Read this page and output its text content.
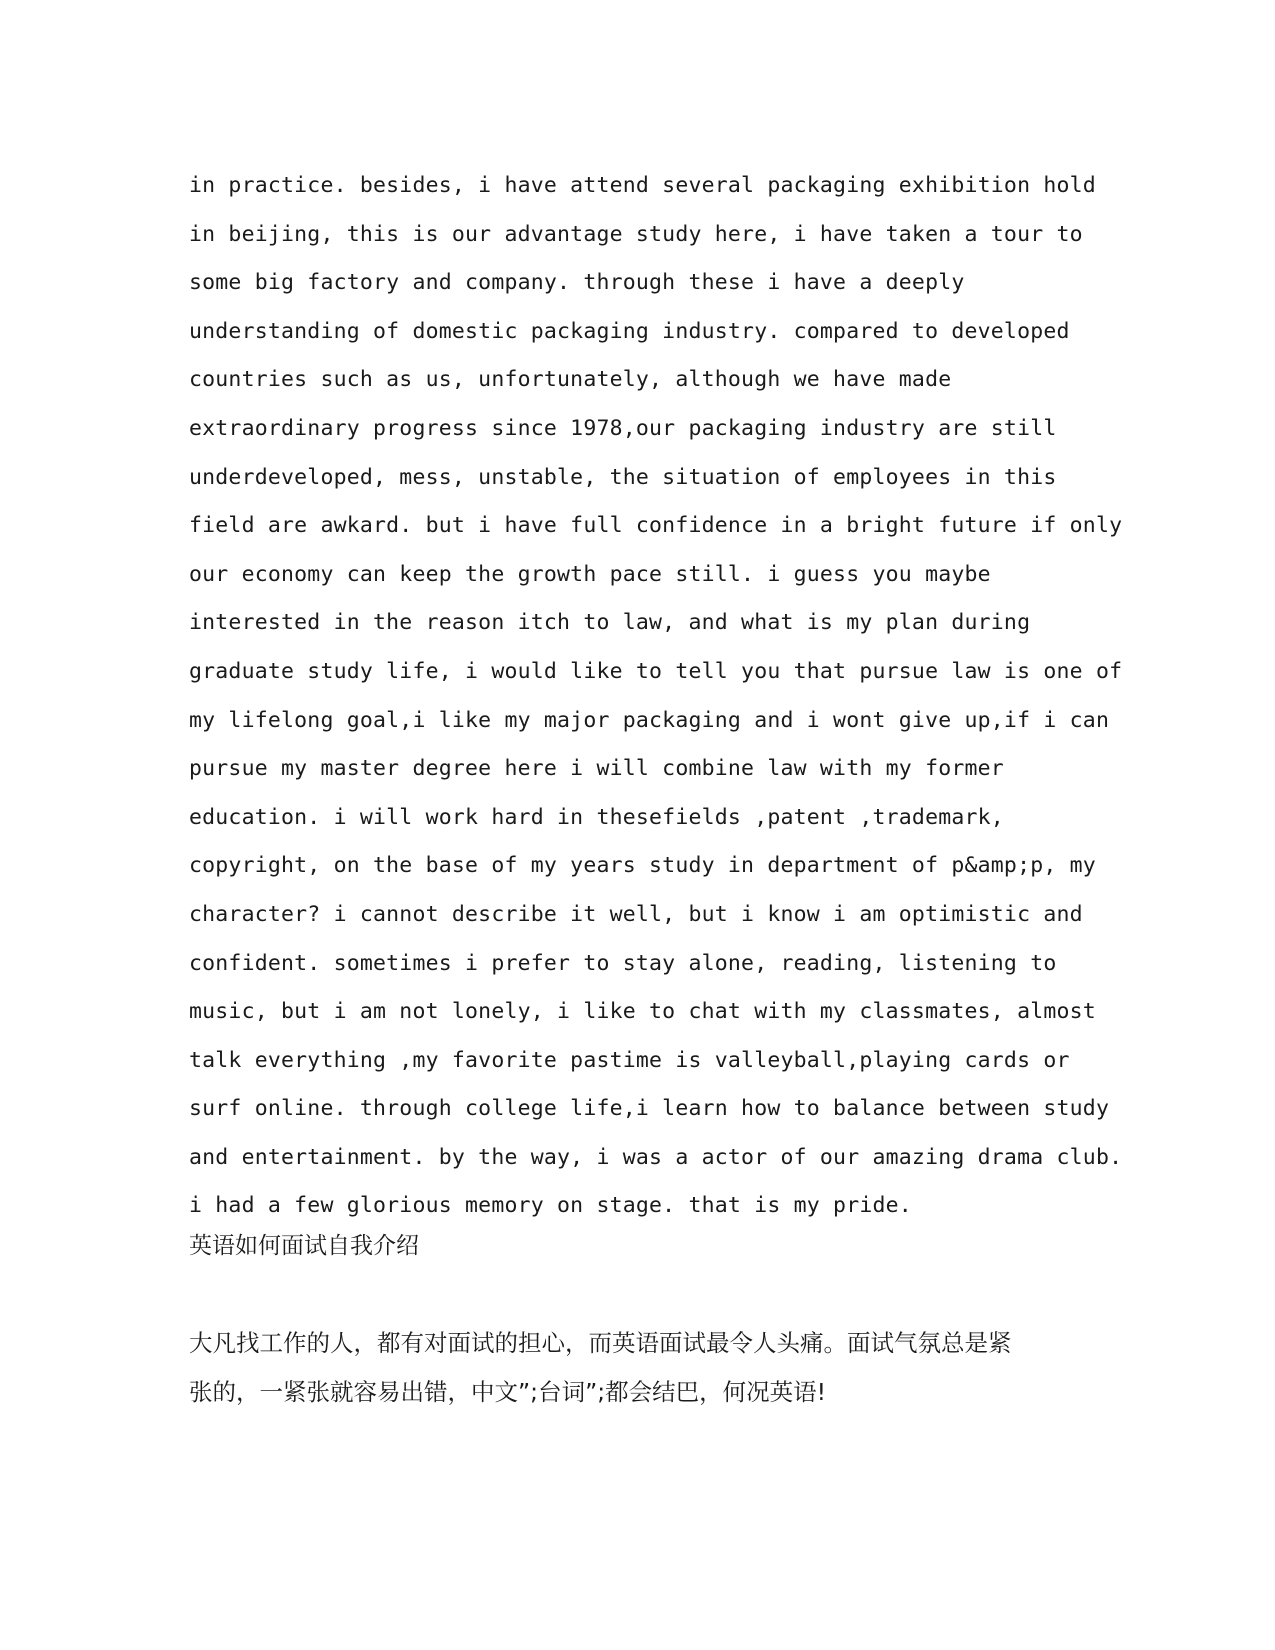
in practice. besides, i have attend several packaging exhibition hold
in beijing, this is our advantage study here, i have taken a tour to
some big factory and company. through these i have a deeply
understanding of domestic packaging industry. compared to developed
countries such as us, unfortunately, although we have made
extraordinary progress since 1978,our packaging industry are still
underdeveloped, mess, unstable, the situation of employees in this
field are awkard. but i have full confidence in a bright future if only
our economy can keep the growth pace still. i guess you maybe
interested in the reason itch to law, and what is my plan during
graduate study life, i would like to tell you that pursue law is one of
my lifelong goal,i like my major packaging and i wont give up,if i can
pursue my master degree here i will combine law with my former
education. i will work hard in thesefields ,patent ,trademark,
copyright, on the base of my years study in department of p&amp;p, my
character? i cannot describe it well, but i know i am optimistic and
confident. sometimes i prefer to stay alone, reading, listening to
music, but i am not lonely, i like to chat with my classmates, almost
talk everything ,my favorite pastime is valleyball,playing cards or
surf online. through college life,i learn how to balance between study
and entertainment. by the way, i was a actor of our amazing drama club.
i had a few glorious memory on stage. that is my pride.
英语如何面试自我介绍
大凡找工作的人，都有对面试的担心，而英语面试最令人头痛。面试气氛总是紧
张的，一紧张就容易出错，中文”;台词”;都会结巴，何况英语!
